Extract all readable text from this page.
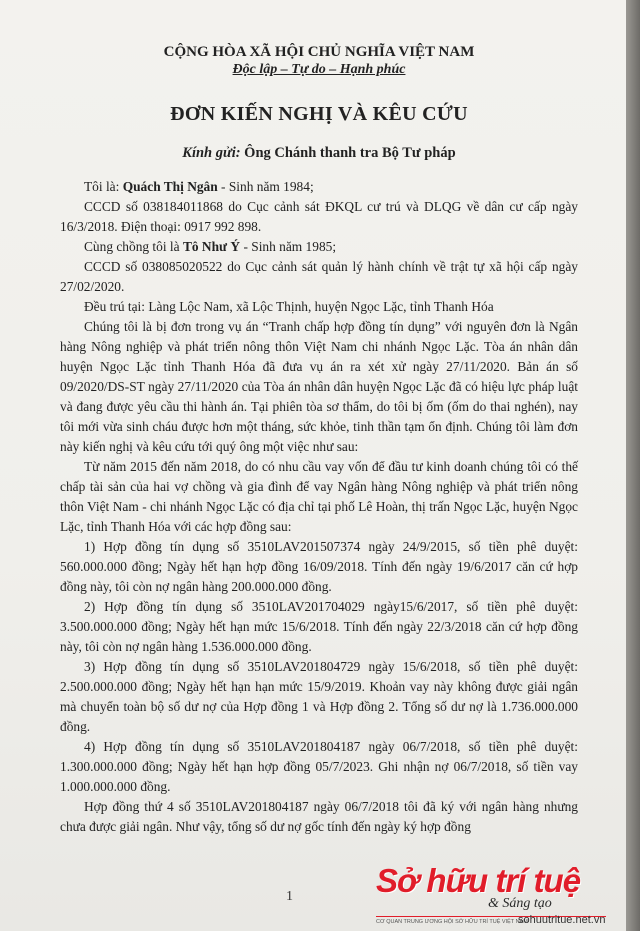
CỘNG HÒA XÃ HỘI CHỦ NGHĨA VIỆT NAM
Độc lập – Tự do – Hạnh phúc
ĐƠN KIẾN NGHỊ VÀ KÊU CỨU
Kính gửi: Ông Chánh thanh tra Bộ Tư pháp

Tôi là: Quách Thị Ngân - Sinh năm 1984;

CCCD số 038184011868 do Cục cảnh sát ĐKQL cư trú và DLQG về dân cư cấp ngày 16/3/2018. Điện thoại: 0917 992 898.

Cùng chồng tôi là Tô Như Ý - Sinh năm 1985;

CCCD số 038085020522 do Cục cảnh sát quản lý hành chính về trật tự xã hội cấp ngày 27/02/2020.

Đều trú tại: Làng Lộc Nam, xã Lộc Thịnh, huyện Ngọc Lặc, tỉnh Thanh Hóa

Chúng tôi là bị đơn trong vụ án “Tranh chấp hợp đồng tín dụng” với nguyên đơn là Ngân hàng Nông nghiệp và phát triển nông thôn Việt Nam chi nhánh Ngọc Lặc. Tòa án nhân dân huyện Ngọc Lặc tỉnh Thanh Hóa đã đưa vụ án ra xét xử ngày 27/11/2020. Bản án số 09/2020/DS-ST ngày 27/11/2020 của Tòa án nhân dân huyện Ngọc Lặc đã có hiệu lực pháp luật và đang được yêu cầu thi hành án. Tại phiên tòa sơ thẩm, do tôi bị ốm (ốm do thai nghén), nay tôi mới vừa sinh cháu được hơn một tháng, sức khỏe, tinh thần tạm ổn định. Chúng tôi làm đơn này kiến nghị và kêu cứu tới quý ông một việc như sau:

Từ năm 2015 đến năm 2018, do có nhu cầu vay vốn để đầu tư kinh doanh chúng tôi có thế chấp tài sản của hai vợ chồng và gia đình để vay Ngân hàng Nông nghiệp và phát triển nông thôn Việt Nam - chi nhánh Ngọc Lặc có địa chỉ tại phố Lê Hoàn, thị trấn Ngọc Lặc, huyện Ngọc Lặc, tỉnh Thanh Hóa với các hợp đồng sau:

1) Hợp đồng tín dụng số 3510LAV201507374 ngày 24/9/2015, số tiền phê duyệt: 560.000.000 đồng; Ngày hết hạn hợp đồng 16/09/2018. Tính đến ngày 19/6/2017 căn cứ hợp đồng này, tôi còn nợ ngân hàng 200.000.000 đồng.

2) Hợp đồng tín dụng số 3510LAV201704029 ngày15/6/2017, số tiền phê duyệt: 3.500.000.000 đồng; Ngày hết hạn mức 15/6/2018. Tính đến ngày 22/3/2018 căn cứ hợp đồng này, tôi còn nợ ngân hàng 1.536.000.000 đồng.

3) Hợp đồng tín dụng số 3510LAV201804729 ngày 15/6/2018, số tiền phê duyệt: 2.500.000.000 đồng; Ngày hết hạn hạn mức 15/9/2019. Khoản vay này không được giải ngân mà chuyển toàn bộ số dư nợ của Hợp đồng 1 và Hợp đồng 2. Tổng số dư nợ là 1.736.000.000 đồng.

4) Hợp đồng tín dụng số 3510LAV201804187 ngày 06/7/2018, số tiền phê duyệt: 1.300.000.000 đồng; Ngày hết hạn hợp đồng 05/7/2023. Ghi nhận nợ 06/7/2018, số tiền vay 1.000.000.000 đồng.

Hợp đồng thứ 4 số 3510LAV201804187 ngày 06/7/2018 tôi đã ký với ngân hàng nhưng chưa được giải ngân. Như vậy, tổng số dư nợ gốc tính đến ngày ký hợp đồng

1	Sở hữu trí tuệ
& Sáng tạo
CƠ QUAN TRUNG ƯƠNG HỘI SỞ HỮU TRÍ TUỆ VIỆT NAM
sohuutritue.net.vn
